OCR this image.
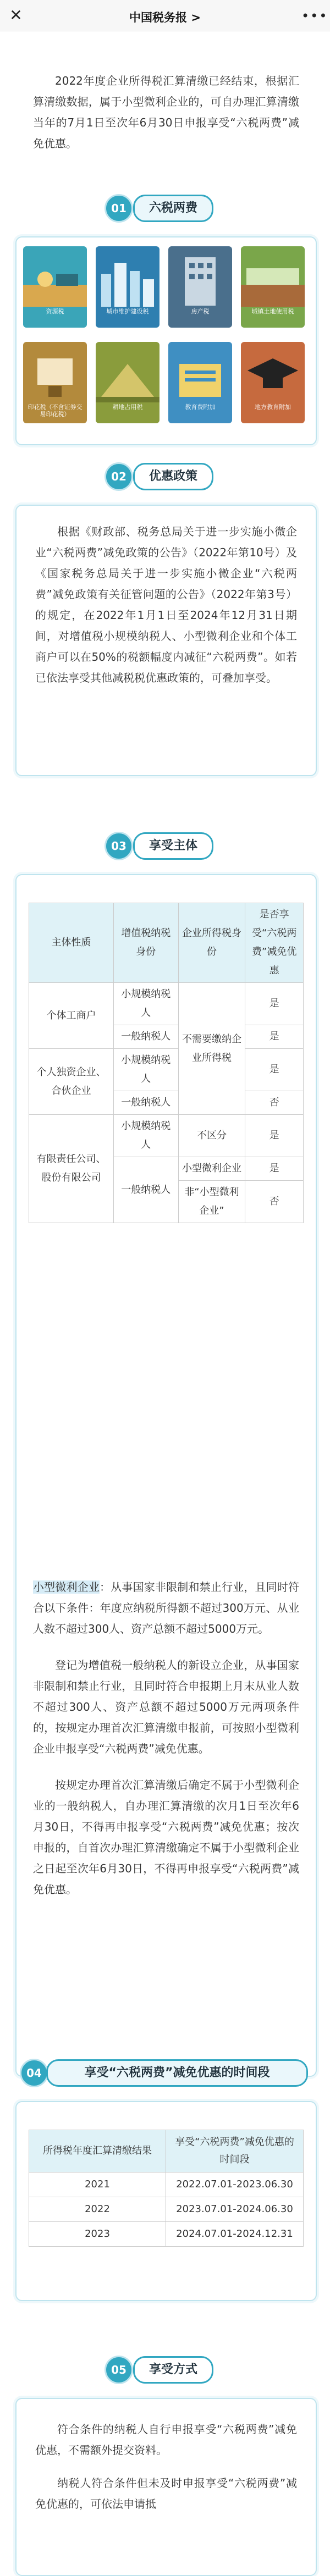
✕	中国税务报 >	•••
2022年度企业所得税汇算清缴已经结束，根据汇算清缴数据，属于小型微利企业的，可自办理汇算清缴当年的7月1日至次年6月30日申报享受“六税两费”减免优惠。
01	六税两费
资源税	城市维护建设税	房产税	城镇土地使用税
印花税（不含证券交易印花税）
耕地占用税	教育费附加	地方教育附加
02	优惠政策

根据《财政部、税务总局关于进一步实施小微企业“六税两费”减免政策的公告》（2022年第10号）及《国家税务总局关于进一步实施小微企业“六税两费”减免政策有关征管问题的公告》（2022年第3号）的规定，在2022年1月1日至2024年12月31日期间，对增值税小规模纳税人、小型微利企业和个体工商户可以在50%的税额幅度内减征“六税两费”。如若已依法享受其他减税税优惠政策的，可叠加享受。

03	享受主体
主体性质	增值税纳税身份	企业所得税身份	是否享受“六税两费”减免优惠
个体工商户	小规模纳税人	不需要缴纳企业所得税	是
	一般纳税人		是
个人独资企业、合伙企业	小规模纳税人		是
	一般纳税人		否
有限责任公司、股份有限公司	小规模纳税人	不区分	是
	一般纳税人	小型微利企业	是
		非“小型微利企业”	否

小型微利企业：从事国家非限制和禁止行业，且同时符合以下条件：年度应纳税所得额不超过300万元、从业人数不超过300人、资产总额不超过5000万元。

登记为增值税一般纳税人的新设立企业，从事国家非限制和禁止行业，且同时符合申报期上月末从业人数不超过300人、资产总额不超过5000万元两项条件的，按规定办理首次汇算清缴申报前，可按照小型微利企业申报享受“六税两费”减免优惠。

按规定办理首次汇算清缴后确定不属于小型微利企业的一般纳税人，自办理汇算清缴的次月1日至次年6月30日，不得再申报享受“六税两费”减免优惠；按次申报的，自首次办理汇算清缴确定不属于小型微利企业之日起至次年6月30日，不得再申报享受“六税两费”减免优惠。

04	享受“六税两费”减免优惠的时间段
所得税年度汇算清缴结果	享受“六税两费”减免优惠的时间段
2021	2022.07.01-2023.06.30
2022	2023.07.01-2024.06.30
2023	2024.07.01-2024.12.31
05	享受方式

符合条件的纳税人自行申报享受“六税两费”减免优惠，不需额外提交资料。

纳税人符合条件但未及时申报享受“六税两费”减免优惠的，可依法申请抵
